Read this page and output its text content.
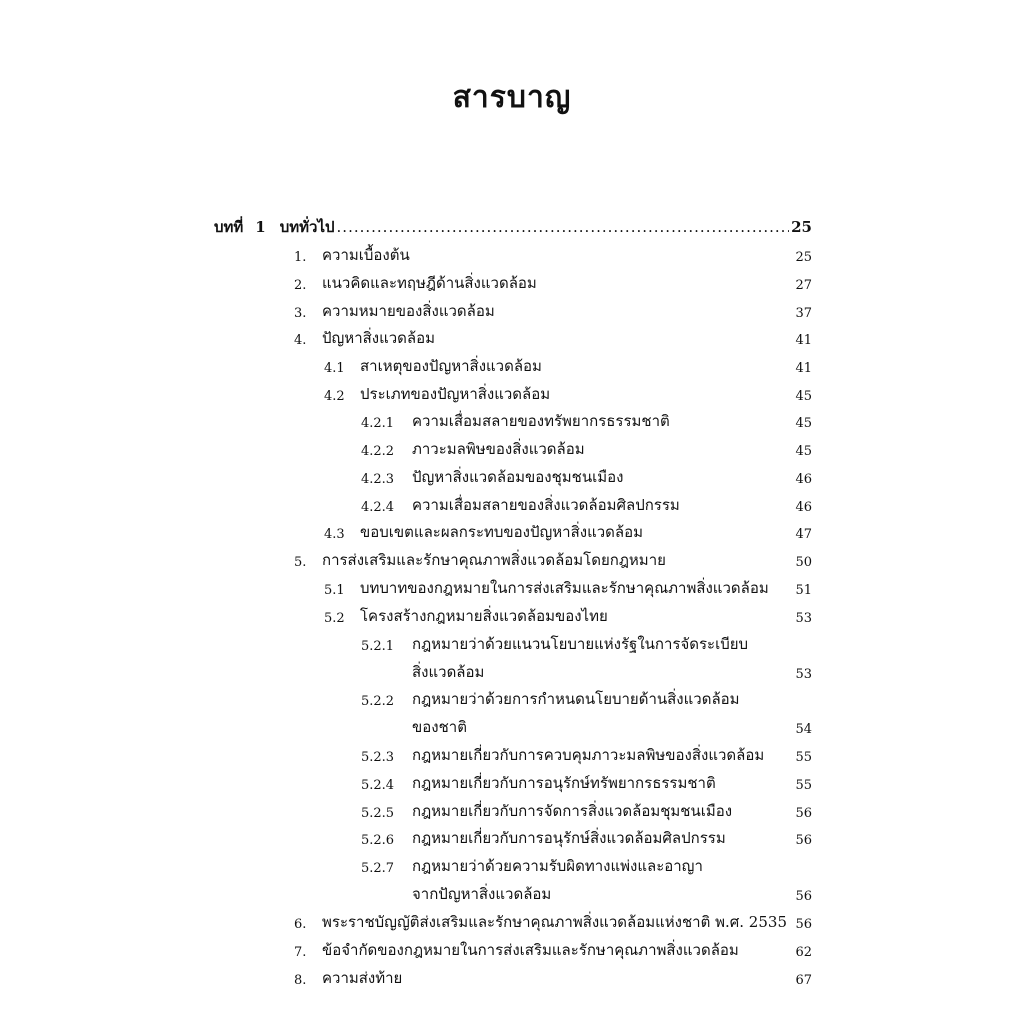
สารบาญ
บทที่ 1 บททั่วไป .....	25
1. ความเบื้องต้น	25
2. แนวคิดและทฤษฎีด้านสิ่งแวดล้อม	27
3. ความหมายของสิ่งแวดล้อม	37
4. ปัญหาสิ่งแวดล้อม	41
4.1 สาเหตุของปัญหาสิ่งแวดล้อม	41
4.2 ประเภทของปัญหาสิ่งแวดล้อม	45
4.2.1 ความเสื่อมสลายของทรัพยากรธรรมชาติ	45
4.2.2 ภาวะมลพิษของสิ่งแวดล้อม	45
4.2.3 ปัญหาสิ่งแวดล้อมของชุมชนเมือง	46
4.2.4 ความเสื่อมสลายของสิ่งแวดล้อมศิลปกรรม	46
4.3 ขอบเขตและผลกระทบของปัญหาสิ่งแวดล้อม	47
5. การส่งเสริมและรักษาคุณภาพสิ่งแวดล้อมโดยกฎหมาย	50
5.1 บทบาทของกฎหมายในการส่งเสริมและรักษาคุณภาพสิ่งแวดล้อม	51
5.2 โครงสร้างกฎหมายสิ่งแวดล้อมของไทย	53
5.2.1 กฎหมายว่าด้วยแนวนโยบายแห่งรัฐในการจัดระเบียบ
สิ่งแวดล้อม	53
5.2.2 กฎหมายว่าด้วยการกำหนดนโยบายด้านสิ่งแวดล้อม
ของชาติ	54
5.2.3 กฎหมายเกี่ยวกับการควบคุมภาวะมลพิษของสิ่งแวดล้อม	55
5.2.4 กฎหมายเกี่ยวกับการอนุรักษ์ทรัพยากรธรรมชาติ	55
5.2.5 กฎหมายเกี่ยวกับการจัดการสิ่งแวดล้อมชุมชนเมือง	56
5.2.6 กฎหมายเกี่ยวกับการอนุรักษ์สิ่งแวดล้อมศิลปกรรม	56
5.2.7 กฎหมายว่าด้วยความรับผิดทางแพ่งและอาญา
จากปัญหาสิ่งแวดล้อม	56
6. พระราชบัญญัติส่งเสริมและรักษาคุณภาพสิ่งแวดล้อมแห่งชาติ พ.ศ. 2535 56
7. ข้อจำกัดของกฎหมายในการส่งเสริมและรักษาคุณภาพสิ่งแวดล้อม	62
8. ความส่งท้าย	67
